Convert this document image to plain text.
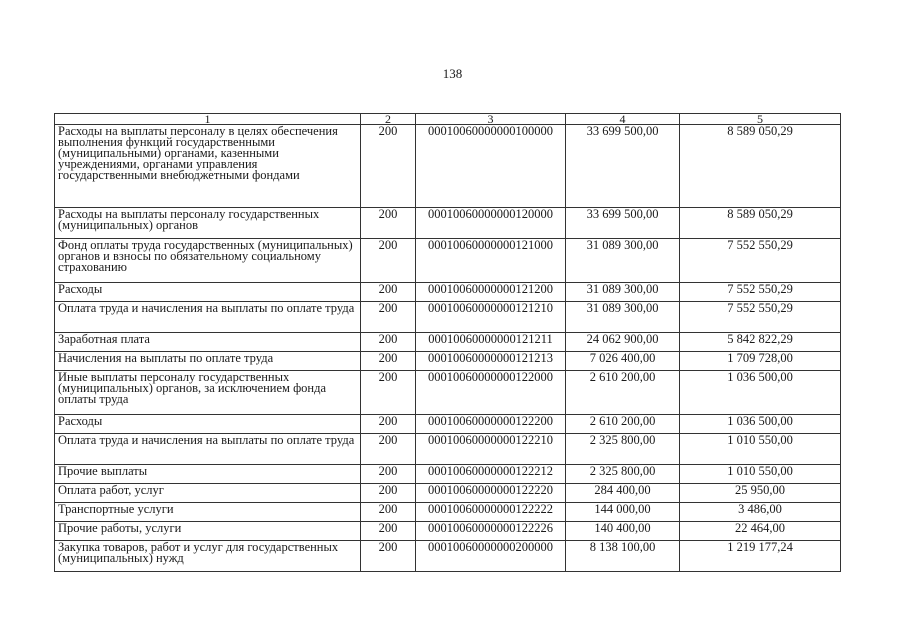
138
1	2	3	4	5
Расходы на выплаты персоналу в целях обеспечения выполнения функций государственными (муниципальными) органами, казенными учреждениями, органами управления государственными внебюджетными фондами	200	00010060000000100000	33 699 500,00	8 589 050,29
Расходы на выплаты персоналу государственных (муниципальных) органов	200	00010060000000120000	33 699 500,00	8 589 050,29
Фонд оплаты труда государственных (муниципальных) органов и взносы по обязательному социальному страхованию	200	00010060000000121000	31 089 300,00	7 552 550,29
Расходы	200	00010060000000121200	31 089 300,00	7 552 550,29
Оплата труда и начисления на выплаты по оплате труда	200	00010060000000121210	31 089 300,00	7 552 550,29
Заработная плата	200	00010060000000121211	24 062 900,00	5 842 822,29
Начисления на выплаты по оплате труда	200	00010060000000121213	7 026 400,00	1 709 728,00
Иные выплаты персоналу государственных (муниципальных) органов, за исключением фонда оплаты труда	200	00010060000000122000	2 610 200,00	1 036 500,00
Расходы	200	00010060000000122200	2 610 200,00	1 036 500,00
Оплата труда и начисления на выплаты по оплате труда	200	00010060000000122210	2 325 800,00	1 010 550,00
Прочие выплаты	200	00010060000000122212	2 325 800,00	1 010 550,00
Оплата работ, услуг	200	00010060000000122220	284 400,00	25 950,00
Транспортные услуги	200	00010060000000122222	144 000,00	3 486,00
Прочие работы, услуги	200	00010060000000122226	140 400,00	22 464,00
Закупка товаров, работ и услуг для государственных (муниципальных) нужд	200	00010060000000200000	8 138 100,00	1 219 177,24
